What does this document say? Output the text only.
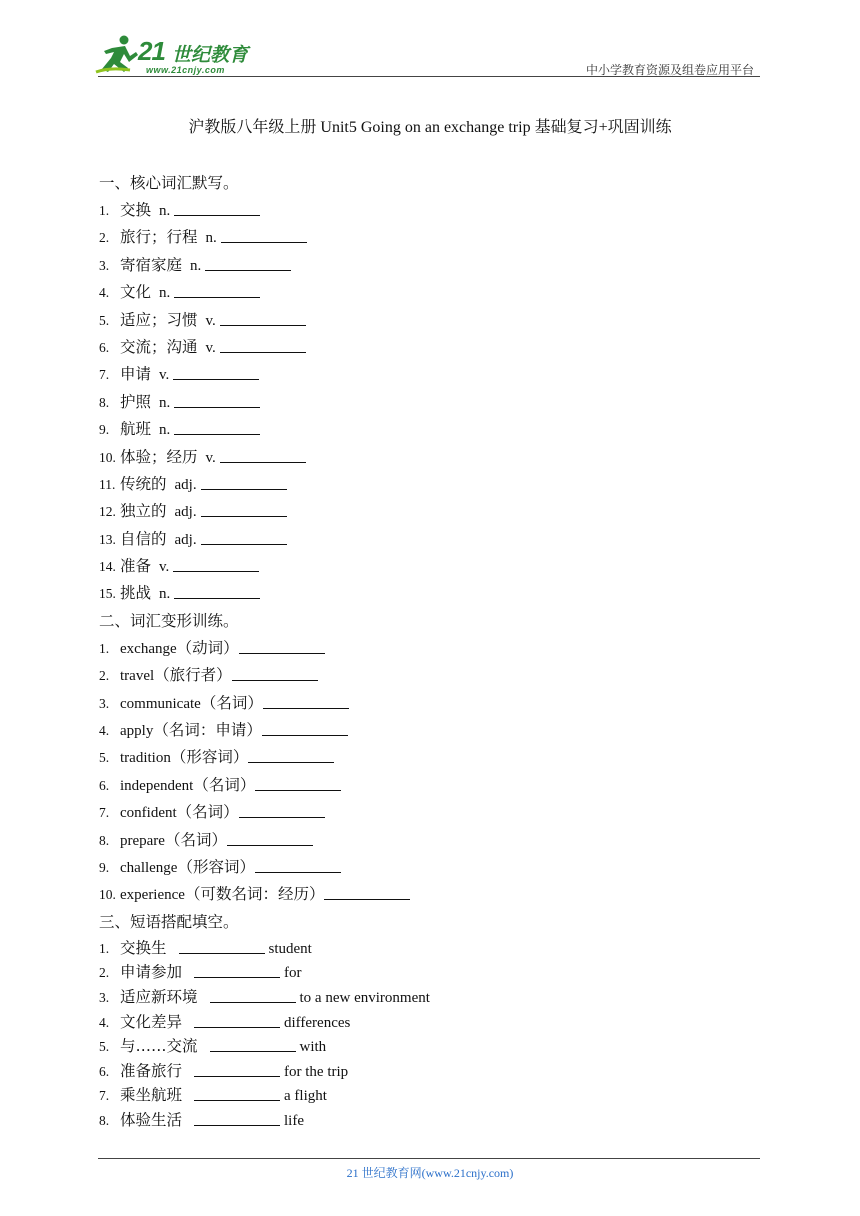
21 世纪教育
www.21cnjy.com	中小学教育资源及组卷应用平台
沪教版八年级上册 Unit5 Going on an exchange trip 基础复习+巩固训练
一、核心词汇默写。
1. 交换 n.
2. 旅行；行程 n.
3. 寄宿家庭 n.
4. 文化 n.
5. 适应；习惯 v.
6. 交流；沟通 v.
7. 申请 v.
8. 护照 n.
9. 航班 n.
10. 体验；经历 v.
11. 传统的 adj.
12. 独立的 adj.
13. 自信的 adj.
14. 准备 v.
15. 挑战 n.
二、词汇变形训练。
1. exchange （动词）
2. travel （旅行者）
3. communicate （名词）
4. apply （名词：申请）
5. tradition （形容词）
6. independent （名词）
7. confident （名词）
8. prepare （名词）
9. challenge （形容词）
10. experience （可数名词：经历）
三、短语搭配填空。
1. 交换生	student
2. 申请参加	for
3. 适应新环境	to a new environment
4. 文化差异	differences
5. 与……交流	with
6. 准备旅行	for the trip
7. 乘坐航班	a flight
8. 体验生活	life
21 世纪教育网(www.21cnjy.com)
